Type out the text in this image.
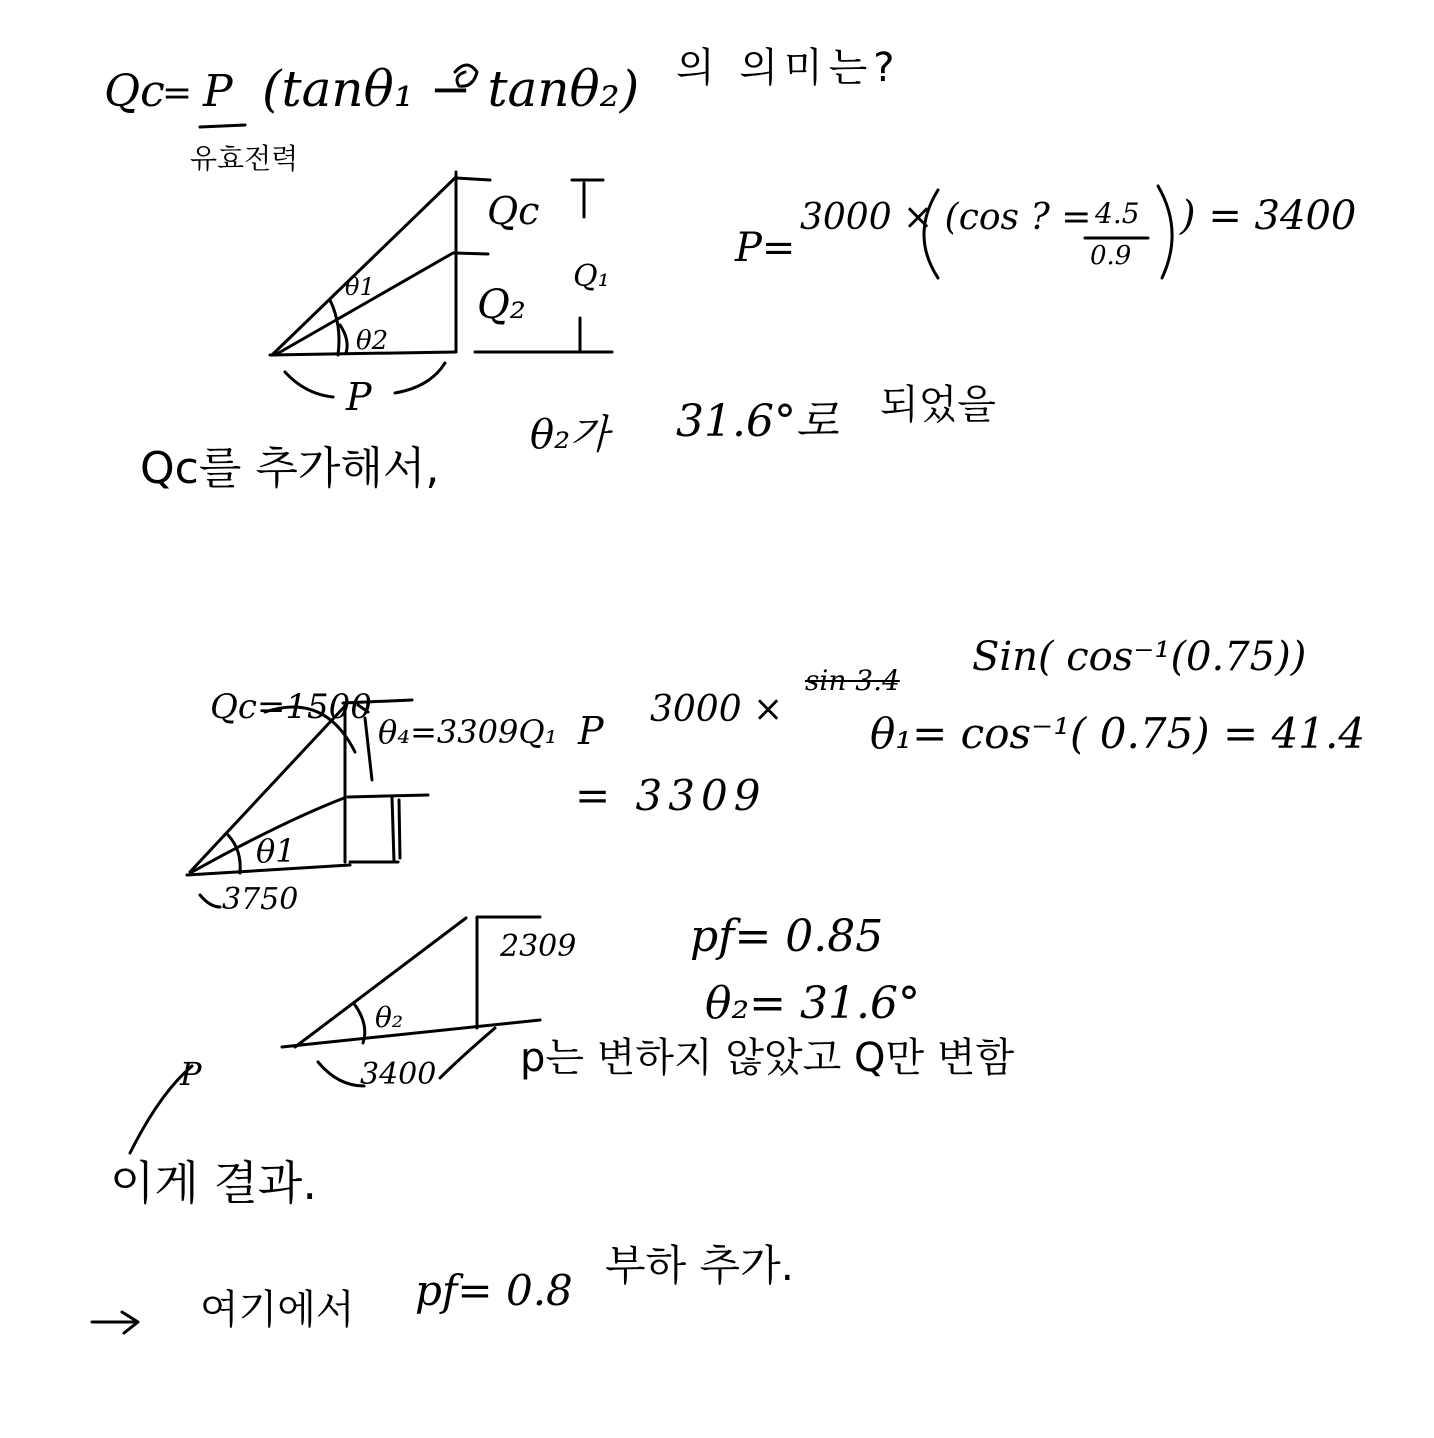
Qc
= P (tanθ₁ − tanθ₂) 의 의미는?
유효전력
Qc
Q₁
Q₂
θ1
θ2
P
P=
3000 × (cos ? = 4.5
0.9
) = 3400
Qc를 추가해서,
θ₂가 31.6°로 되었을
Qc=1500
θ₄=3309Q₁
θ1
3750
P 3000 ×
sin 3.4
Sin( cos⁻¹(0.75))
= 3309
θ₁= cos⁻¹( 0.75) = 41.4
2309
θ₂
3400
P
pf= 0.85
θ₂= 31.6°
p는 변하지 않았고 Q만 변함
이게 결과.
여기에서 pf= 0.8
부하 추가.
